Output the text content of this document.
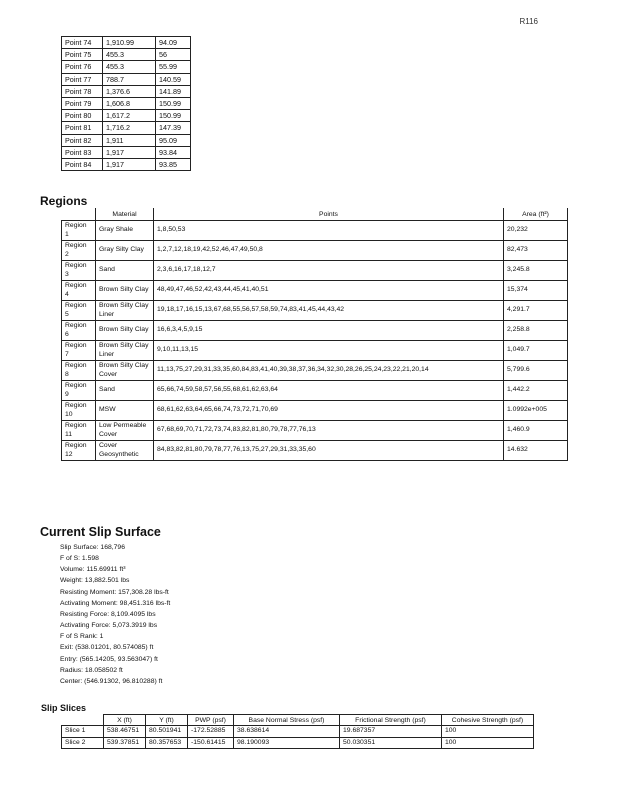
R116
Point 74	1,910.99	94.09
Point 75	455.3	56
Point 76	455.3	55.99
Point 77	788.7	140.59
Point 78	1,376.6	141.89
Point 79	1,606.8	150.99
Point 80	1,617.2	150.99
Point 81	1,716.2	147.39
Point 82	1,911	95.09
Point 83	1,917	93.84
Point 84	1,917	93.85
Regions
	Material	Points	Area (ft²)
Region 1	Gray Shale	1,8,50,53	20,232
Region 2	Gray Silty Clay	1,2,7,12,18,19,42,52,46,47,49,50,8	82,473
Region 3	Sand	2,3,6,16,17,18,12,7	3,245.8
Region 4	Brown Silty Clay	48,49,47,46,52,42,43,44,45,41,40,51	15,374
Region 5	Brown Silty Clay Liner	19,18,17,16,15,13,67,68,55,56,57,58,59,74,83,41,45,44,43,42	4,291.7
Region 6	Brown Silty Clay	16,6,3,4,5,9,15	2,258.8
Region 7	Brown Silty Clay Liner	9,10,11,13,15	1,049.7
Region 8	Brown Silty Clay Cover	11,13,75,27,29,31,33,35,60,84,83,41,40,39,38,37,36,34,32,30,28,26,25,24,23,22,21,20,14	5,799.6
Region 9	Sand	65,66,74,59,58,57,56,55,68,61,62,63,64	1,442.2
Region 10	MSW	68,61,62,63,64,65,66,74,73,72,71,70,69	1.0992e+005
Region 11	Low Permeable Cover	67,68,69,70,71,72,73,74,83,82,81,80,79,78,77,76,13	1,460.9
Region 12	Cover Geosynthetic	84,83,82,81,80,79,78,77,76,13,75,27,29,31,33,35,60	14.632
Current Slip Surface
Slip Surface: 168,796
F of S: 1.598
Volume: 115.69911 ft³
Weight: 13,882.501 lbs
Resisting Moment: 157,308.28 lbs-ft
Activating Moment: 98,451.316 lbs-ft
Resisting Force: 8,109.4095 lbs
Activating Force: 5,073.3919 lbs
F of S Rank: 1
Exit: (538.01201, 80.574085) ft
Entry: (565.14205, 93.563047) ft
Radius: 18.058502 ft
Center: (546.91302, 96.810288) ft
Slip Slices
	X (ft)	Y (ft)	PWP (psf)	Base Normal Stress (psf)	Frictional Strength (psf)	Cohesive Strength (psf)
Slice 1	538.46751	80.501941	-172.52885	38.638614	19.687357	100
Slice 2	539.37851	80.357653	-150.61415	98.190093	50.030351	100
